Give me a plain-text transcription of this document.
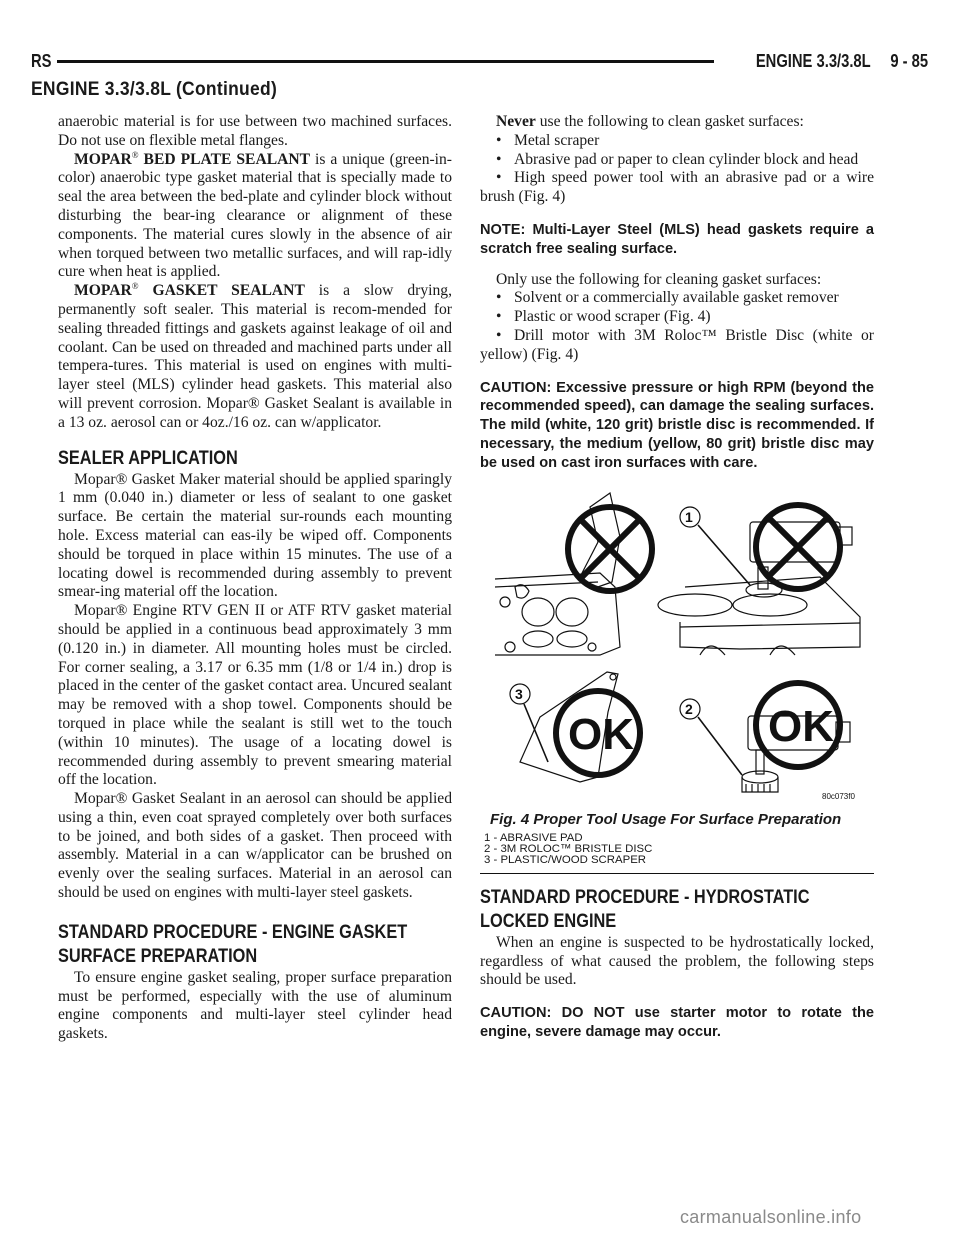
RS	ENGINE 3.3/3.8L 9 - 85
ENGINE 3.3/3.8L (Continued)

anaerobic material is for use between two machined surfaces. Do not use on flexible metal flanges.

MOPAR® BED PLATE SEALANT is a unique (green-in-color) anaerobic type gasket material that is specially made to seal the area between the bed-plate and cylinder block without disturbing the bear-ing clearance or alignment of these components. The material cures slowly in the absence of air when torqued between two metallic surfaces, and will rap-idly cure when heat is applied.

MOPAR® GASKET SEALANT is a slow drying, permanently soft sealer. This material is recom-mended for sealing threaded fittings and gaskets against leakage of oil and coolant. Can be used on threaded and machined parts under all tempera-tures. This material is used on engines with multi-layer steel (MLS) cylinder head gaskets. This material also will prevent corrosion. Mopar® Gasket Sealant is available in a 13 oz. aerosol can or 4oz./16 oz. can w/applicator.

SEALER APPLICATION

Mopar® Gasket Maker material should be applied sparingly 1 mm (0.040 in.) diameter or less of sealant to one gasket surface. Be certain the material sur-rounds each mounting hole. Excess material can eas-ily be wiped off. Components should be torqued in place within 15 minutes. The use of a locating dowel is recommended during assembly to prevent smear-ing material off the location.

Mopar® Engine RTV GEN II or ATF RTV gasket material should be applied in a continuous bead approximately 3 mm (0.120 in.) in diameter. All mounting holes must be circled. For corner sealing, a 3.17 or 6.35 mm (1/8 or 1/4 in.) drop is placed in the center of the gasket contact area. Uncured sealant may be removed with a shop towel. Components should be torqued in place while the sealant is still wet to the touch (within 10 minutes). The usage of a locating dowel is recommended during assembly to prevent smearing material off the location.

Mopar® Gasket Sealant in an aerosol can should be applied using a thin, even coat sprayed completely over both surfaces to be joined, and both sides of a gasket. Then proceed with assembly. Material in a can w/applicator can be brushed on evenly over the sealing surfaces. Material in an aerosol can should be used on engines with multi-layer steel gaskets.

STANDARD PROCEDURE - ENGINE GASKET
SURFACE PREPARATION

To ensure engine gasket sealing, proper surface preparation must be performed, especially with the use of aluminum engine components and multi-layer steel cylinder head gaskets.

Never use the following to clean gasket surfaces:

• Metal scraper

• Abrasive pad or paper to clean cylinder block and head

• High speed power tool with an abrasive pad or a wire brush (Fig. 4)

NOTE: Multi-Layer Steel (MLS) head gaskets require a scratch free sealing surface.

Only use the following for cleaning gasket surfaces:

• Solvent or a commercially available gasket remover

• Plastic or wood scraper (Fig. 4)

• Drill motor with 3M Roloc™ Bristle Disc (white or yellow) (Fig. 4)

CAUTION: Excessive pressure or high RPM (beyond the recommended speed), can damage the sealing surfaces. The mild (white, 120 grit) bristle disc is recommended. If necessary, the medium (yellow, 80 grit) bristle disc may be used on cast iron surfaces with care.

1
2
3
OK	OK
80c073f0
Fig. 4 Proper Tool Usage For Surface Preparation
1 - ABRASIVE PAD
2 - 3M ROLOC™ BRISTLE DISC
3 - PLASTIC/WOOD SCRAPER
STANDARD PROCEDURE - HYDROSTATIC
LOCKED ENGINE

When an engine is suspected to be hydrostatically locked, regardless of what caused the problem, the following steps should be used.

CAUTION: DO NOT use starter motor to rotate the engine, severe damage may occur.

carmanualsonline.info
